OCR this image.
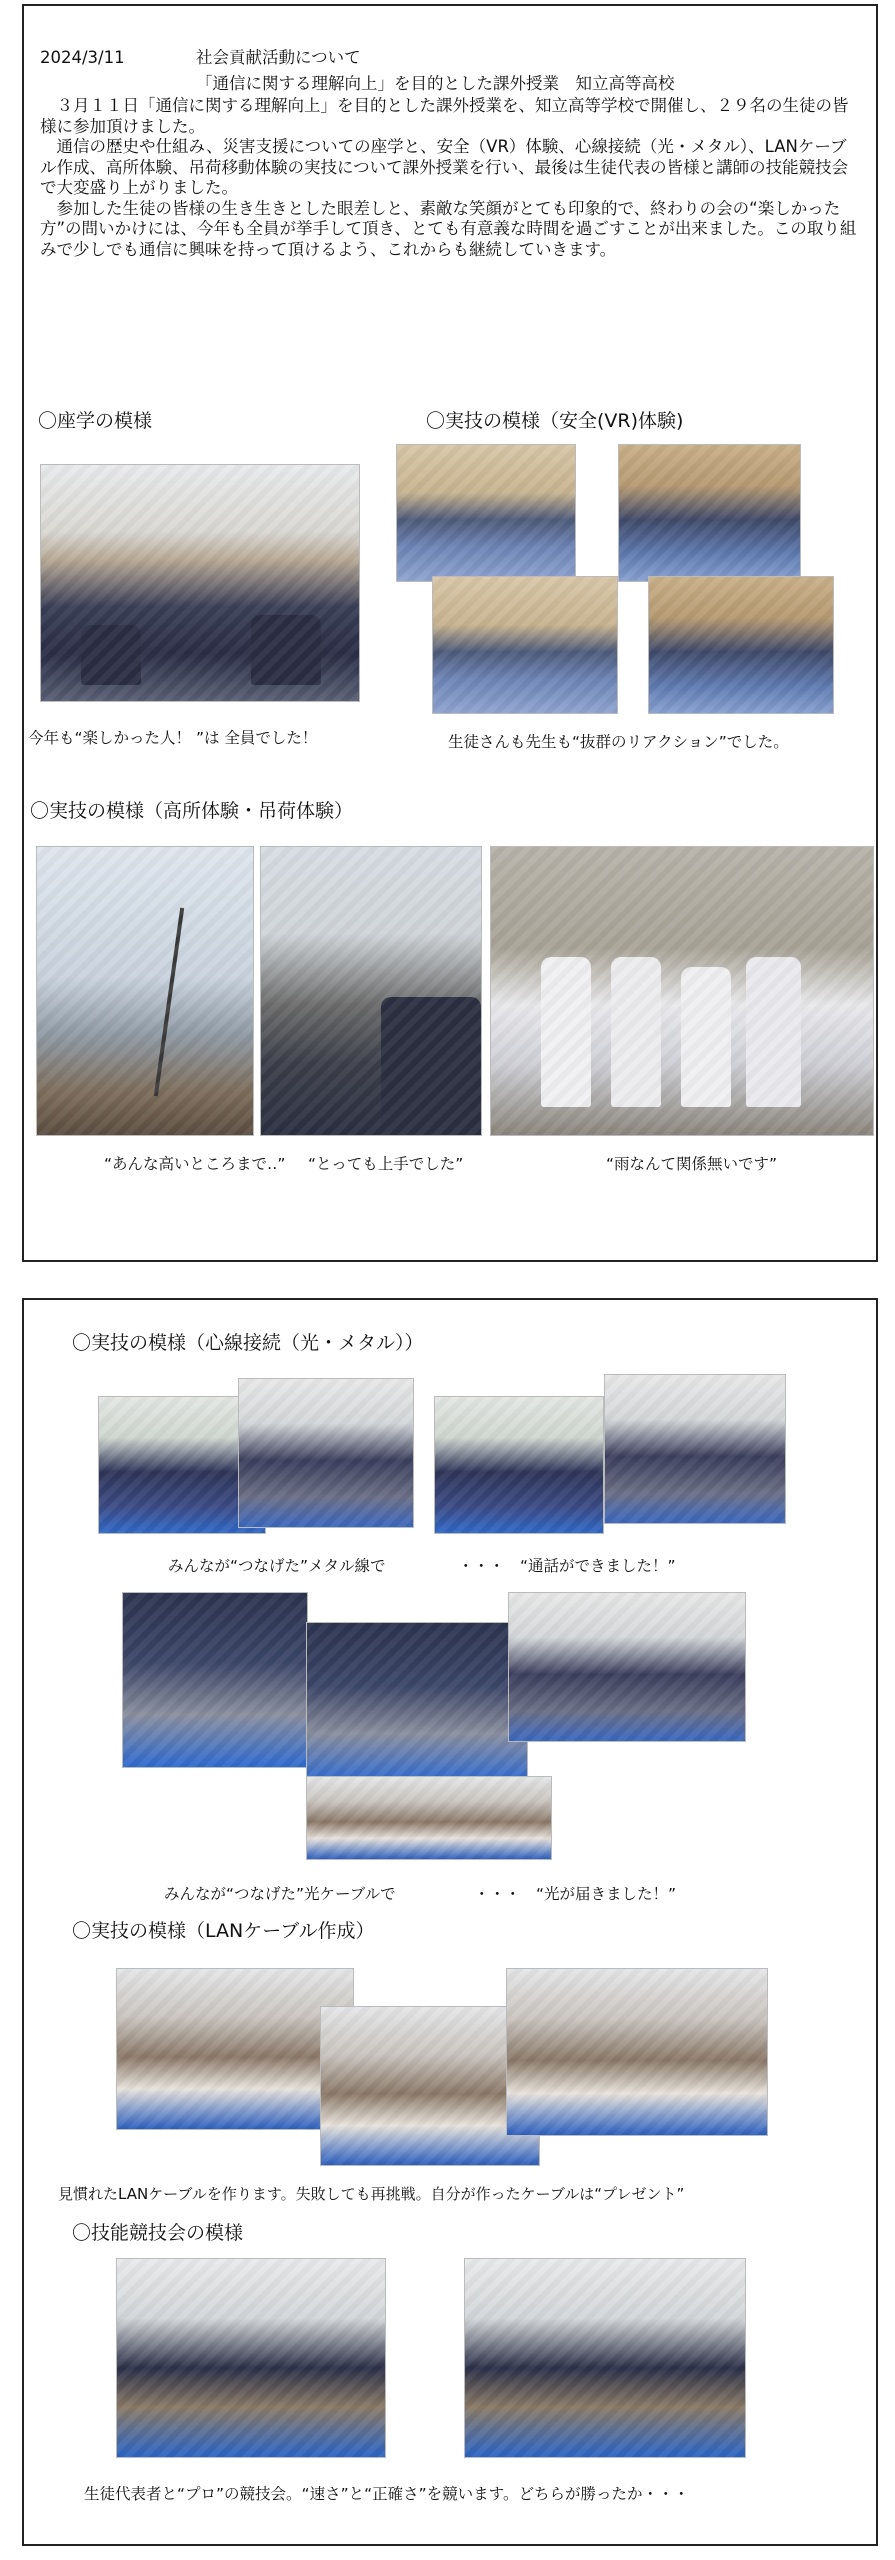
2024/3/11	社会貢献活動について
「通信に関する理解向上」を目的とした課外授業　知立高等高校

　３月１１日「通信に関する理解向上」を目的とした課外授業を、知立高等学校で開催し、２９名の生徒の皆様に参加頂けました。

　通信の歴史や仕組み、災害支援についての座学と、安全（VR）体験、心線接続（光・メタル）、LANケーブル作成、高所体験、吊荷移動体験の実技について課外授業を行い、最後は生徒代表の皆様と講師の技能競技会で大変盛り上がりました。

　参加した生徒の皆様の生き生きとした眼差しと、素敵な笑顔がとても印象的で、終わりの会の“楽しかった方”の問いかけには、今年も全員が挙手して頂き、とても有意義な時間を過ごすことが出来ました。この取り組みで少しでも通信に興味を持って頂けるよう、これからも継続していきます。

〇座学の模様
今年も“楽しかった人！ ”は 全員でした！
〇実技の模様（安全(VR)体験)
生徒さんも先生も“抜群のリアクション”でした。
〇実技の模様（高所体験・吊荷体験）
“あんな高いところまで‥” “とっても上手でした”	“雨なんて関係無いです”
〇実技の模様（心線接続（光・メタル））
みんなが“つなげた”メタル線で	・・・ “通話ができました！”
みんなが“つなげた”光ケーブルで	・・・ “光が届きました！”
〇実技の模様（LANケーブル作成）
見慣れたLANケーブルを作ります。失敗しても再挑戦。自分が作ったケーブルは“プレゼント”
〇技能競技会の模様
生徒代表者と“プロ”の競技会。“速さ”と“正確さ”を競います。どちらが勝ったか・・・
